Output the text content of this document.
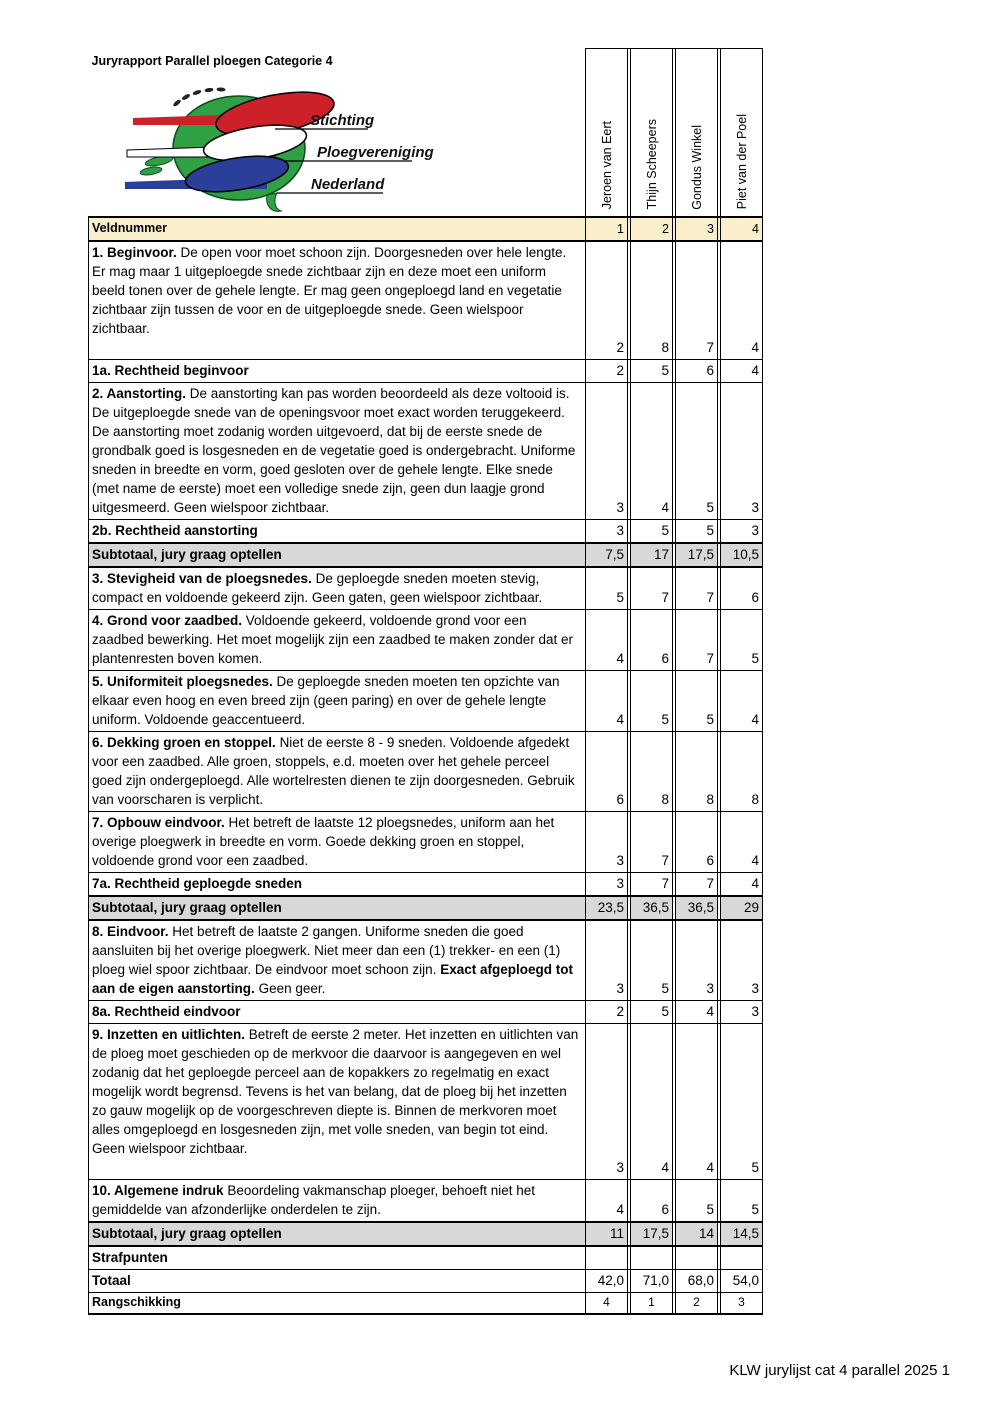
Juryrapport Parallel ploegen Categorie 4
Stichting
Ploegvereniging
Nederland	Jeroen van Eert		Thijn Scheepers		Gondus Winkel		Piet van der Poel

Veldnummer	1		2		3		4
1. Beginvoor. De open voor moet schoon zijn. Doorgesneden over hele lengte. Er mag maar 1 uitgeploegde snede zichtbaar zijn en deze moet een uniform beeld tonen over de gehele lengte. Er mag geen ongeploegd land en vegetatie zichtbaar zijn tussen de voor en de uitgeploegde snede. Geen wielspoor zichtbaar.	2		8		7		4
1a. Rechtheid beginvoor	2		5		6		4
2. Aanstorting. De aanstorting kan pas worden beoordeeld als deze voltooid is. De uitgeploegde snede van de openingsvoor moet exact worden teruggekeerd. De aanstorting moet zodanig worden uitgevoerd, dat bij de eerste snede de grondbalk goed is losgesneden en de vegetatie goed is ondergebracht. Uniforme sneden in breedte en vorm, goed gesloten over de gehele lengte. Elke snede (met name de eerste) moet een volledige snede zijn, geen dun laagje grond uitgesmeerd. Geen wielspoor zichtbaar.	3		4		5		3
2b. Rechtheid aanstorting	3		5		5		3
Subtotaal, jury graag optellen	7,5		17		17,5		10,5
3. Stevigheid van de ploegsnedes. De geploegde sneden moeten stevig, compact en voldoende gekeerd zijn. Geen gaten, geen wielspoor zichtbaar.	5		7		7		6
4. Grond voor zaadbed. Voldoende gekeerd, voldoende grond voor een zaadbed bewerking. Het moet mogelijk zijn een zaadbed te maken zonder dat er plantenresten boven komen.	4		6		7		5
5. Uniformiteit ploegsnedes. De geploegde sneden moeten ten opzichte van elkaar even hoog en even breed zijn (geen paring) en over de gehele lengte uniform. Voldoende geaccentueerd.	4		5		5		4
6. Dekking groen en stoppel. Niet de eerste 8 - 9 sneden. Voldoende afgedekt voor een zaadbed. Alle groen, stoppels, e.d. moeten over het gehele perceel goed zijn ondergeploegd. Alle wortelresten dienen te zijn doorgesneden. Gebruik van voorscharen is verplicht.	6		8		8		8
7. Opbouw eindvoor. Het betreft de laatste 12 ploegsnedes, uniform aan het overige ploegwerk in breedte en vorm. Goede dekking groen en stoppel, voldoende grond voor een zaadbed.	3		7		6		4
7a. Rechtheid geploegde sneden	3		7		7		4
Subtotaal, jury graag optellen	23,5		36,5		36,5		29
8. Eindvoor. Het betreft de laatste 2 gangen. Uniforme sneden die goed aansluiten bij het overige ploegwerk. Niet meer dan een (1) trekker- en een (1) ploeg wiel spoor zichtbaar. De eindvoor moet schoon zijn. Exact afgeploegd tot aan de eigen aanstorting. Geen geer.	3		5		3		3
8a. Rechtheid eindvoor	2		5		4		3
9. Inzetten en uitlichten. Betreft de eerste 2 meter. Het inzetten en uitlichten van de ploeg moet geschieden op de merkvoor die daarvoor is aangegeven en wel zodanig dat het geploegde perceel aan de kopakkers zo regelmatig en exact mogelijk wordt begrensd. Tevens is het van belang, dat de ploeg bij het inzetten zo gauw mogelijk op de voorgeschreven diepte is. Binnen de merkvoren moet alles omgeploegd en losgesneden zijn, met volle sneden, van begin tot eind. Geen wielspoor zichtbaar.	3		4		4		5
10. Algemene indruk Beoordeling vakmanschap ploeger, behoeft niet het gemiddelde van afzonderlijke onderdelen te zijn.	4		6		5		5
Subtotaal, jury graag optellen	11		17,5		14		14,5
Strafpunten							
Totaal	42,0		71,0		68,0		54,0
Rangschikking	4		1		2		3
KLW jurylijst cat 4 parallel 2025 1
